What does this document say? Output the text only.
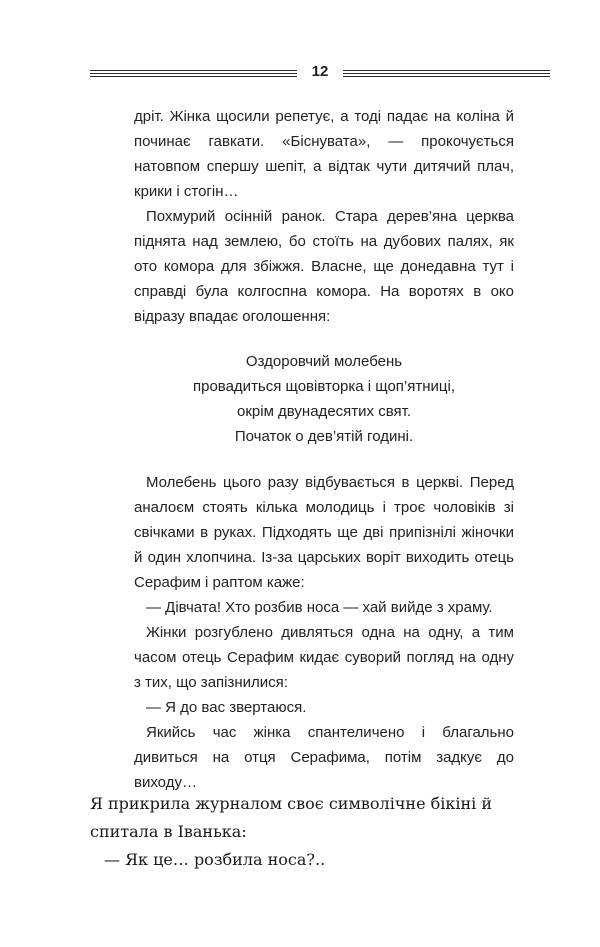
12

дріт. Жінка щосили репетує, а тоді падає на коліна й починає гавкати. «Біснувата», — прокочується натовпом спершу шепіт, а відтак чути дитячий плач, крики і стогін…

Похмурий осінній ранок. Стара дерев’яна церква піднята над землею, бо стоїть на дубових палях, як ото комора для збіжжя. Власне, ще донедавна тут і справді була колгоспна комора. На воротях в око відразу впадає оголошення:

Оздоровчий молебень
провадиться щовівторка і щоп’ятниці,
окрім двунадесятих свят.
Початок о дев’ятій годині.

Молебень цього разу відбувається в церкві. Перед аналоєм стоять кілька молодиць і троє чоловіків зі свічками в руках. Підходять ще дві припізнілі жіночки й один хлопчина. Із-за царських воріт виходить отець Серафим і раптом каже:

— Дівчата! Хто розбив носа — хай вийде з храму.

Жінки розгублено дивляться одна на одну, а тим часом отець Серафим кидає суворий погляд на одну з тих, що запізнилися:

— Я до вас звертаюся.

Якийсь час жінка спантеличено і благально дивиться на отця Серафима, потім задкує до виходу…

Я прикрила журналом своє символічне бікіні й спитала в Іванька:

— Як це… розбила носа?..
